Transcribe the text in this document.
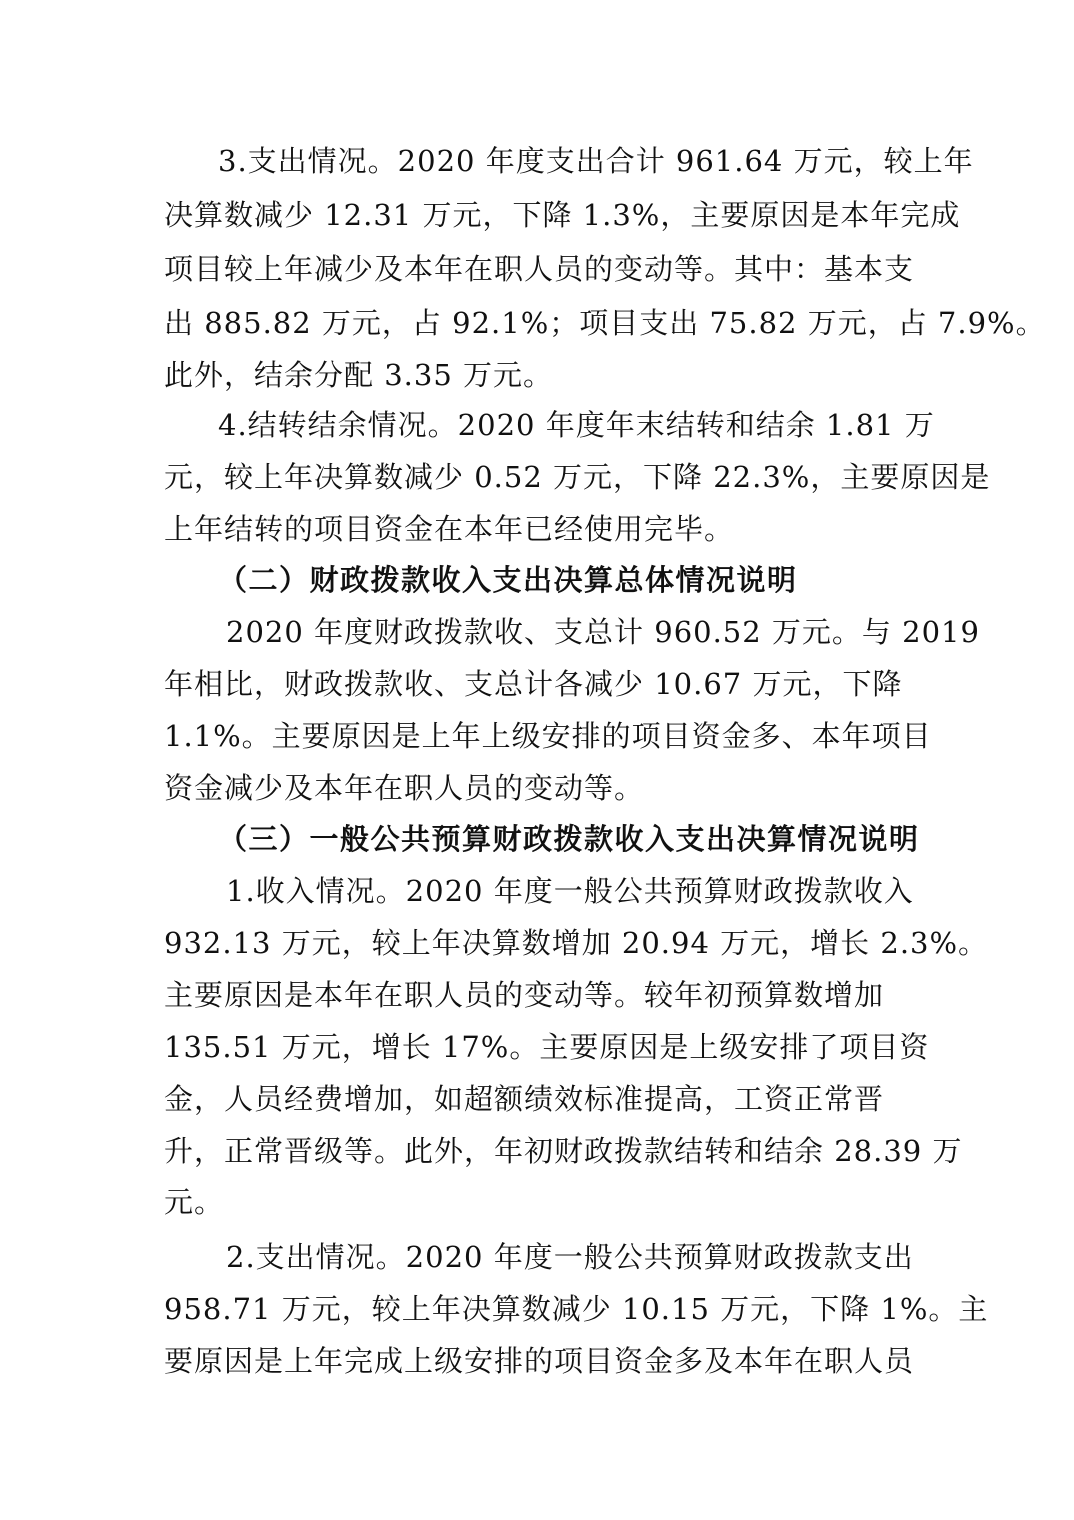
3.支出情况。2020 年度支出合计 961.64 万元，较上年
决算数减少 12.31 万元，下降 1.3%，主要原因是本年完成
项目较上年减少及本年在职人员的变动等。其中：基本支
出 885.82 万元，占 92.1%；项目支出 75.82 万元，占 7.9%。
此外，结余分配 3.35 万元。
4.结转结余情况。2020 年度年末结转和结余 1.81 万
元，较上年决算数减少 0.52 万元，下降 22.3%，主要原因是
上年结转的项目资金在本年已经使用完毕。
（二）财政拨款收入支出决算总体情况说明
2020 年度财政拨款收、支总计 960.52 万元。与 2019
年相比，财政拨款收、支总计各减少 10.67 万元，下降
1.1%。主要原因是上年上级安排的项目资金多、本年项目
资金减少及本年在职人员的变动等。
（三）一般公共预算财政拨款收入支出决算情况说明
1.收入情况。2020 年度一般公共预算财政拨款收入
932.13 万元，较上年决算数增加 20.94 万元，增长 2.3%。
主要原因是本年在职人员的变动等。较年初预算数增加
135.51 万元，增长 17%。主要原因是上级安排了项目资
金，人员经费增加，如超额绩效标准提高，工资正常晋
升，正常晋级等。此外，年初财政拨款结转和结余 28.39 万
元。
2.支出情况。2020 年度一般公共预算财政拨款支出
958.71 万元，较上年决算数减少 10.15 万元，下降 1%。主
要原因是上年完成上级安排的项目资金多及本年在职人员
